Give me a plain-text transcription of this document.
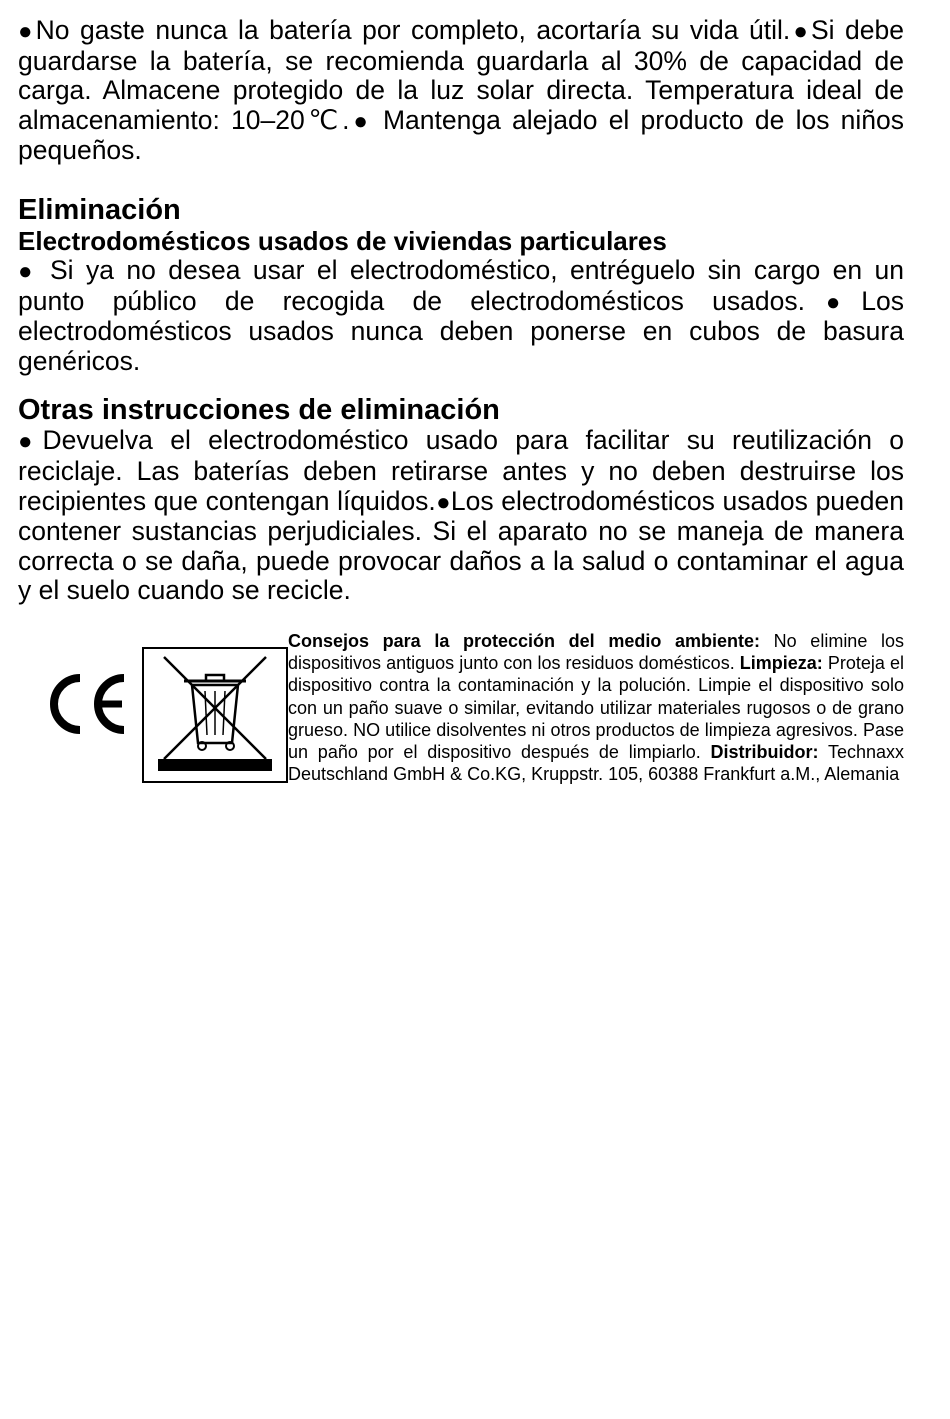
●No gaste nunca la batería por completo, acortaría su vida útil.●Si debe guardarse la batería, se recomienda guardarla al 30% de capacidad de carga. Almacene protegido de la luz solar directa. Temperatura ideal de almacenamiento: 10–20℃.● Mantenga alejado el producto de los niños pequeños.

Eliminación
Electrodomésticos usados de viviendas particulares

● Si ya no desea usar el electrodoméstico, entréguelo sin cargo en un punto público de recogida de electrodomésticos usados.●Los electrodomésticos usados nunca deben ponerse en cubos de basura genéricos.

Otras instrucciones de eliminación

●Devuelva el electrodoméstico usado para facilitar su reutilización o reciclaje. Las baterías deben retirarse antes y no deben destruirse los recipientes que contengan líquidos.●Los electrodomésticos usados pueden contener sustancias perjudiciales. Si el aparato no se maneja de manera correcta o se daña, puede provocar daños a la salud o contaminar el agua y el suelo cuando se recicle.

Consejos para la protección del medio ambiente: No elimine los dispositivos antiguos junto con los residuos domésticos. Limpieza: Proteja el dispositivo contra la contaminación y la polución. Limpie el dispositivo solo con un paño suave o similar, evitando utilizar materiales rugosos o de grano grueso. NO utilice disolventes ni otros productos de limpieza agresivos. Pase un paño por el dispositivo después de limpiarlo. Distribuidor: Technaxx Deutschland GmbH & Co.KG, Kruppstr. 105, 60388 Frankfurt a.M., Alemania
